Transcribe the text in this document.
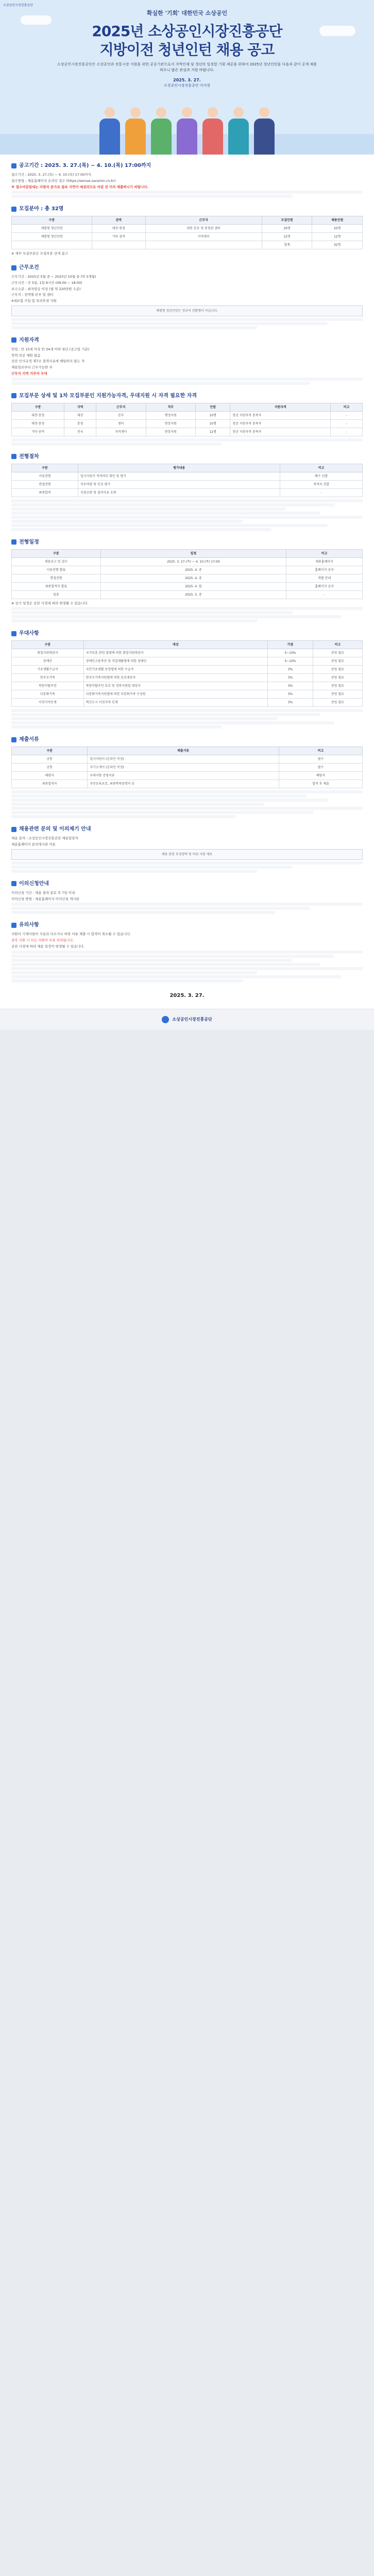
소상공인시장진흥공단
확실한 '기회' 대한민국 소상공인
2025년 소상공인시장진흥공단
지방이전 청년인턴 채용 공고
소상공인시장진흥공단은 소상공인과 전통시장 지원을 위한 공공기관으로서 지역인재 및 청년의 일경험 기회 제공을 위하여 2025년 청년인턴을 다음과 같이 공개 채용하오니 많은 관심과 지원 바랍니다.
2025. 3. 27.
소상공인시장진흥공단 이사장
공고기간 : 2025. 3. 27.(목) ~ 4. 10.(목) 17:00까지
접수기간 : 2025. 3. 27.(목) ~ 4. 10.(목) 17:00까지
접수방법 : 채용홈페이지 온라인 접수 (https://semas.saramin.co.kr)
※ 접수마감일에는 지원자 증가로 접속 지연이 예상되므로 마감 전 미리 제출하시기 바랍니다.
모집분야 : 총 32명
구분	권역	근무지	모집인원	채용인원
체험형 청년인턴	대전·충청	대전 본부 및 충청권 센터	20명	20명
체험형 청년인턴	기타 권역	지역센터	12명	12명
			합계	32명
※ 세부 모집부문은 모집부문 상세 참고
근무조건
근무기간 : 2025년 5월 중 ~ 2025년 10월 중 (약 5개월)
근무시간 : 주 5일, 1일 8시간 (09:00 ~ 18:00)
보수수준 : 최저임금 이상 (월 약 220만원 수준)
근무지 : 권역별 본부 및 센터
4대보험 가입 및 복리후생 지원
체험형 청년인턴은 정규직 전환형이 아닙니다.
지원자격
연령 : 만 15세 이상 만 34세 이하 청년 (공고일 기준)
학력·전공 제한 없음
공단 인사규정 제7조 결격사유에 해당하지 않는 자
채용일로부터 근무가능한 자
근무지 지역 거주자 우대
모집부문 상세 및 1차 모집부분인 지원가능자격, 우대지원 시 자격 필요한 자격
구분	지역	근무지	직무	인원	지원자격	비고
대전·충청	대전	본부	행정지원	10명	청년 지원자격 충족자	-
대전·충청	충청	센터	현장지원	10명	청년 지원자격 충족자	-
기타 권역	전국	지역센터	현장지원	12명	청년 지원자격 충족자	-
전형절차
구분	평가내용	비고
서류전형	입사지원서 적격여부 확인 및 평가	배수 선발
면접전형	직무역량 및 인성 평가	적격자 선발
최종합격	신원조회 및 결격사유 조회	-
전형일정
구분	일정	비고
채용공고 및 접수	2025. 3. 27.(목) ~ 4. 10.(목) 17:00	채용홈페이지
서류전형 발표	2025. 4. 중	홈페이지 공지
면접전형	2025. 4. 중	개별 안내
최종합격자 발표	2025. 4. 말	홈페이지 공지
임용	2025. 5. 중	-
※ 상기 일정은 공단 사정에 따라 변경될 수 있습니다.
우대사항
구분	대상	가점	비고
취업지원대상자	국가보훈 관련 법령에 의한 취업지원대상자	5~10%	증빙 필요
장애인	장애인고용촉진 및 직업재활법에 의한 장애인	5~10%	증빙 필요
기초생활수급자	국민기초생활 보장법에 의한 수급자	3%	증빙 필요
한부모가족	한부모가족지원법에 의한 보호대상자	3%	증빙 필요
북한이탈주민	북한이탈주민 보호 및 정착지원법 대상자	3%	증빙 필요
다문화가족	다문화가족지원법에 의한 다문화가족 구성원	3%	증빙 필요
이전지역인재	혁신도시 이전지역 인재	3%	증빙 필요
제출서류
구분	제출서류	비고
공통	입사지원서 (온라인 작성)	필수
공통	자기소개서 (온라인 작성)	필수
해당자	우대사항 증빙서류	해당자
최종합격자	주민등록초본, 최종학력증명서 등	합격 후 제출
채용관련 문의 및 이의제기 안내
채용 문의 : 소상공인시장진흥공단 채용담당자
채용홈페이지 문의게시판 이용
채용 관련 부정청탁 및 비위 사항 제보
이의신청안내
이의신청 기간 : 채용 절차 종료 후 7일 이내
이의신청 방법 : 채용홈페이지 이의신청 게시판
유의사항
지원서 기재사항이 사실과 다르거나 허위 서류 제출 시 합격이 취소될 수 있습니다.
중복 지원 시 모든 지원이 무효 처리됩니다.
공단 사정에 따라 채용 일정이 변경될 수 있습니다.
2025. 3. 27.
소상공인시장진흥공단
